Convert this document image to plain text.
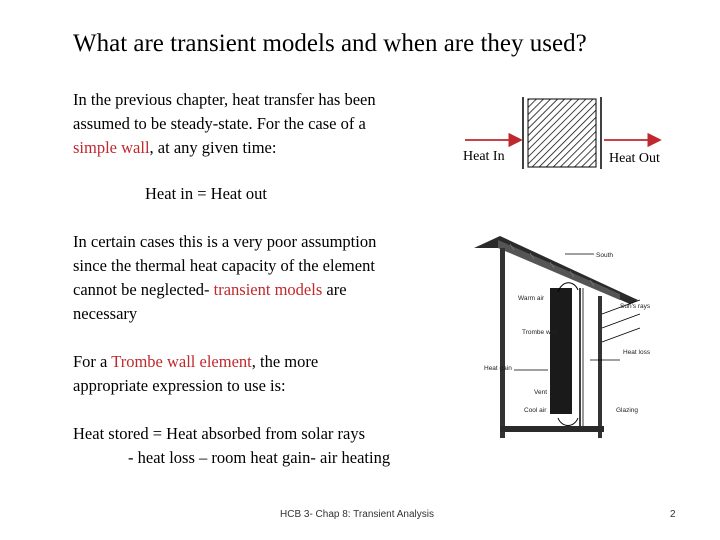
What are transient models and when are they used?
In the previous chapter, heat transfer has been
assumed to be steady-state. For the case of a
simple wall, at any given time:
Heat in = Heat out
In certain cases this is a very poor assumption
since the thermal heat capacity of the element
cannot be neglected- transient models are
necessary
For a Trombe wall element, the more
appropriate expression to use is:
Heat stored = Heat absorbed from solar rays
- heat loss – room heat gain- air heating
Heat In	Heat Out
South
Warm air
Sun's rays
Trombe wall
Heat loss
Heat gain
Vent
Cool air	Glazing
HCB 3- Chap 8: Transient Analysis	2
